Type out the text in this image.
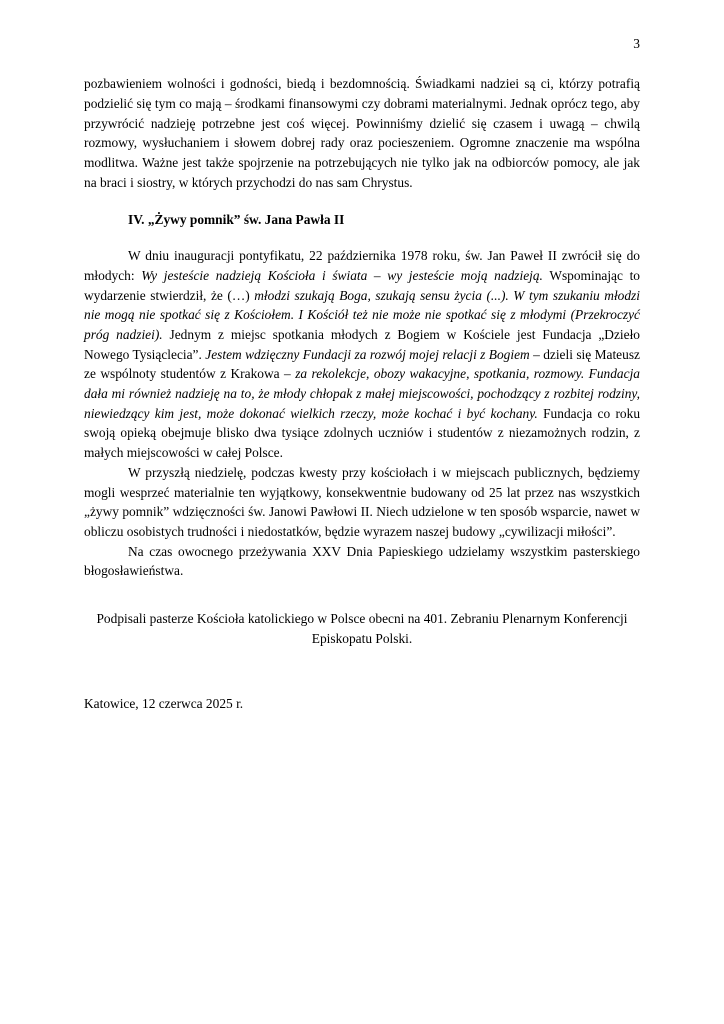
3

pozbawieniem wolności i godności, biedą i bezdomnością. Świadkami nadziei są ci, którzy potrafią podzielić się tym co mają – środkami finansowymi czy dobrami materialnymi. Jednak oprócz tego, aby przywrócić nadzieję potrzebne jest coś więcej. Powinniśmy dzielić się czasem i uwagą – chwilą rozmowy, wysłuchaniem i słowem dobrej rady oraz pocieszeniem. Ogromne znaczenie ma wspólna modlitwa. Ważne jest także spojrzenie na potrzebujących nie tylko jak na odbiorców pomocy, ale jak na braci i siostry, w których przychodzi do nas sam Chrystus.

IV. „Żywy pomnik” św. Jana Pawła II

W dniu inauguracji pontyfikatu, 22 października 1978 roku, św. Jan Paweł II zwrócił się do młodych: Wy jesteście nadzieją Kościoła i świata – wy jesteście moją nadzieją. Wspominając to wydarzenie stwierdził, że (…) młodzi szukają Boga, szukają sensu życia (...). W tym szukaniu młodzi nie mogą nie spotkać się z Kościołem. I Kościół też nie może nie spotkać się z młodymi (Przekroczyć próg nadziei). Jednym z miejsc spotkania młodych z Bogiem w Kościele jest Fundacja „Dzieło Nowego Tysiąclecia”. Jestem wdzięczny Fundacji za rozwój mojej relacji z Bogiem – dzieli się Mateusz ze wspólnoty studentów z Krakowa – za rekolekcje, obozy wakacyjne, spotkania, rozmowy. Fundacja dała mi również nadzieję na to, że młody chłopak z małej miejscowości, pochodzący z rozbitej rodziny, niewiedzący kim jest, może dokonać wielkich rzeczy, może kochać i być kochany. Fundacja co roku swoją opieką obejmuje blisko dwa tysiące zdolnych uczniów i studentów z niezamożnych rodzin, z małych miejscowości w całej Polsce.

W przyszłą niedzielę, podczas kwesty przy kościołach i w miejscach publicznych, będziemy mogli wesprzeć materialnie ten wyjątkowy, konsekwentnie budowany od 25 lat przez nas wszystkich „żywy pomnik” wdzięczności św. Janowi Pawłowi II. Niech udzielone w ten sposób wsparcie, nawet w obliczu osobistych trudności i niedostatków, będzie wyrazem naszej budowy „cywilizacji miłości”.

Na czas owocnego przeżywania XXV Dnia Papieskiego udzielamy wszystkim pasterskiego błogosławieństwa.

Podpisali pasterze Kościoła katolickiego w Polsce obecni na 401. Zebraniu Plenarnym Konferencji Episkopatu Polski.

Katowice, 12 czerwca 2025 r.
